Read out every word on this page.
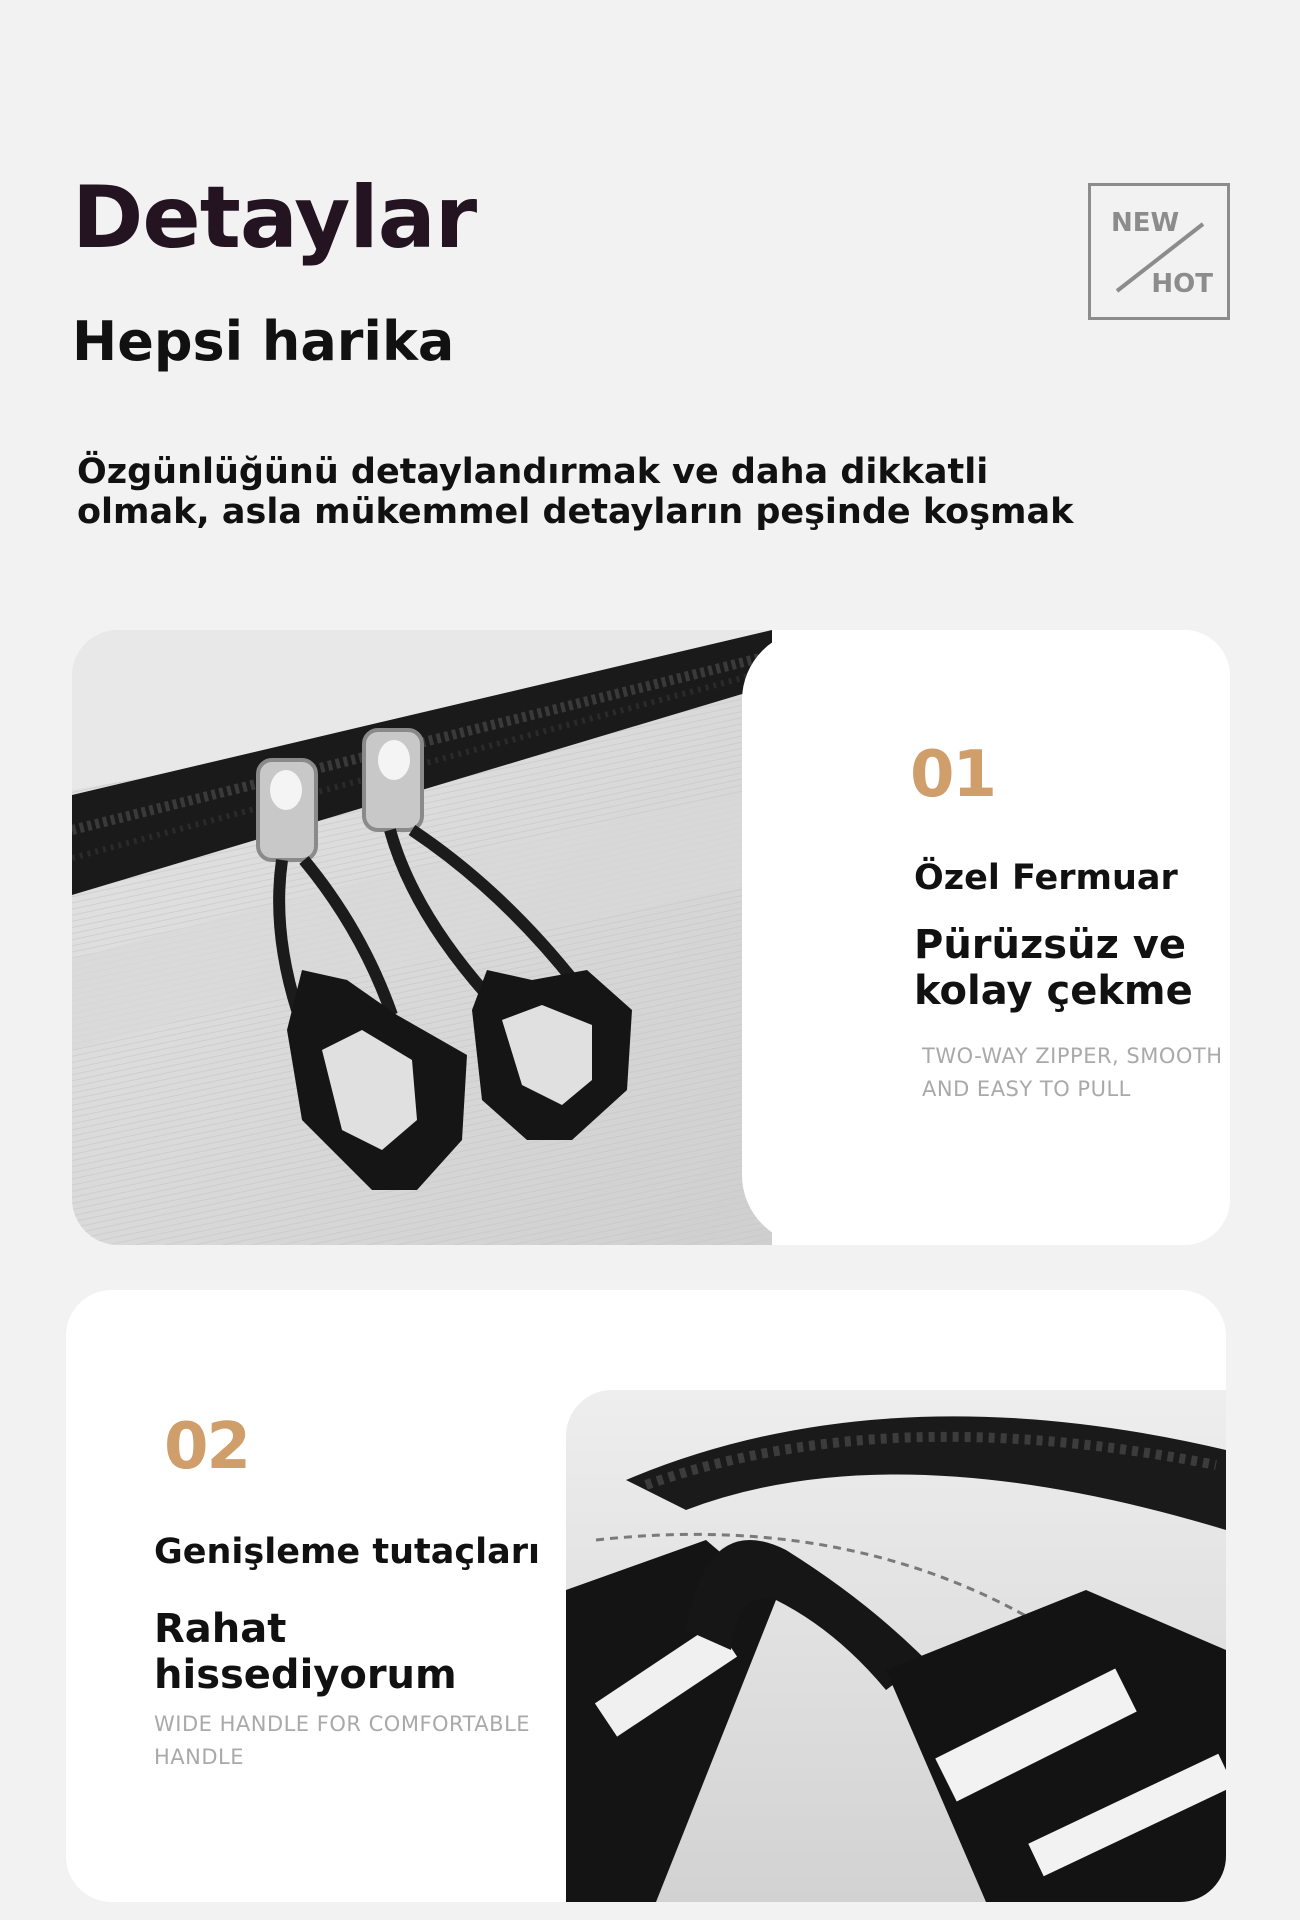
Detaylar
Hepsi harika
Özgünlüğünü detaylandırmak ve daha dikkatli olmak, asla mükemmel detayların peşinde koşmak
NEW
HOT
01
Özel Fermuar
Pürüzsüz ve kolay çekme
TWO-WAY ZIPPER, SMOOTH AND EASY TO PULL
02
Genişleme tutaçları
Rahat hissediyorum
WIDE HANDLE FOR COMFORTABLE HANDLE
